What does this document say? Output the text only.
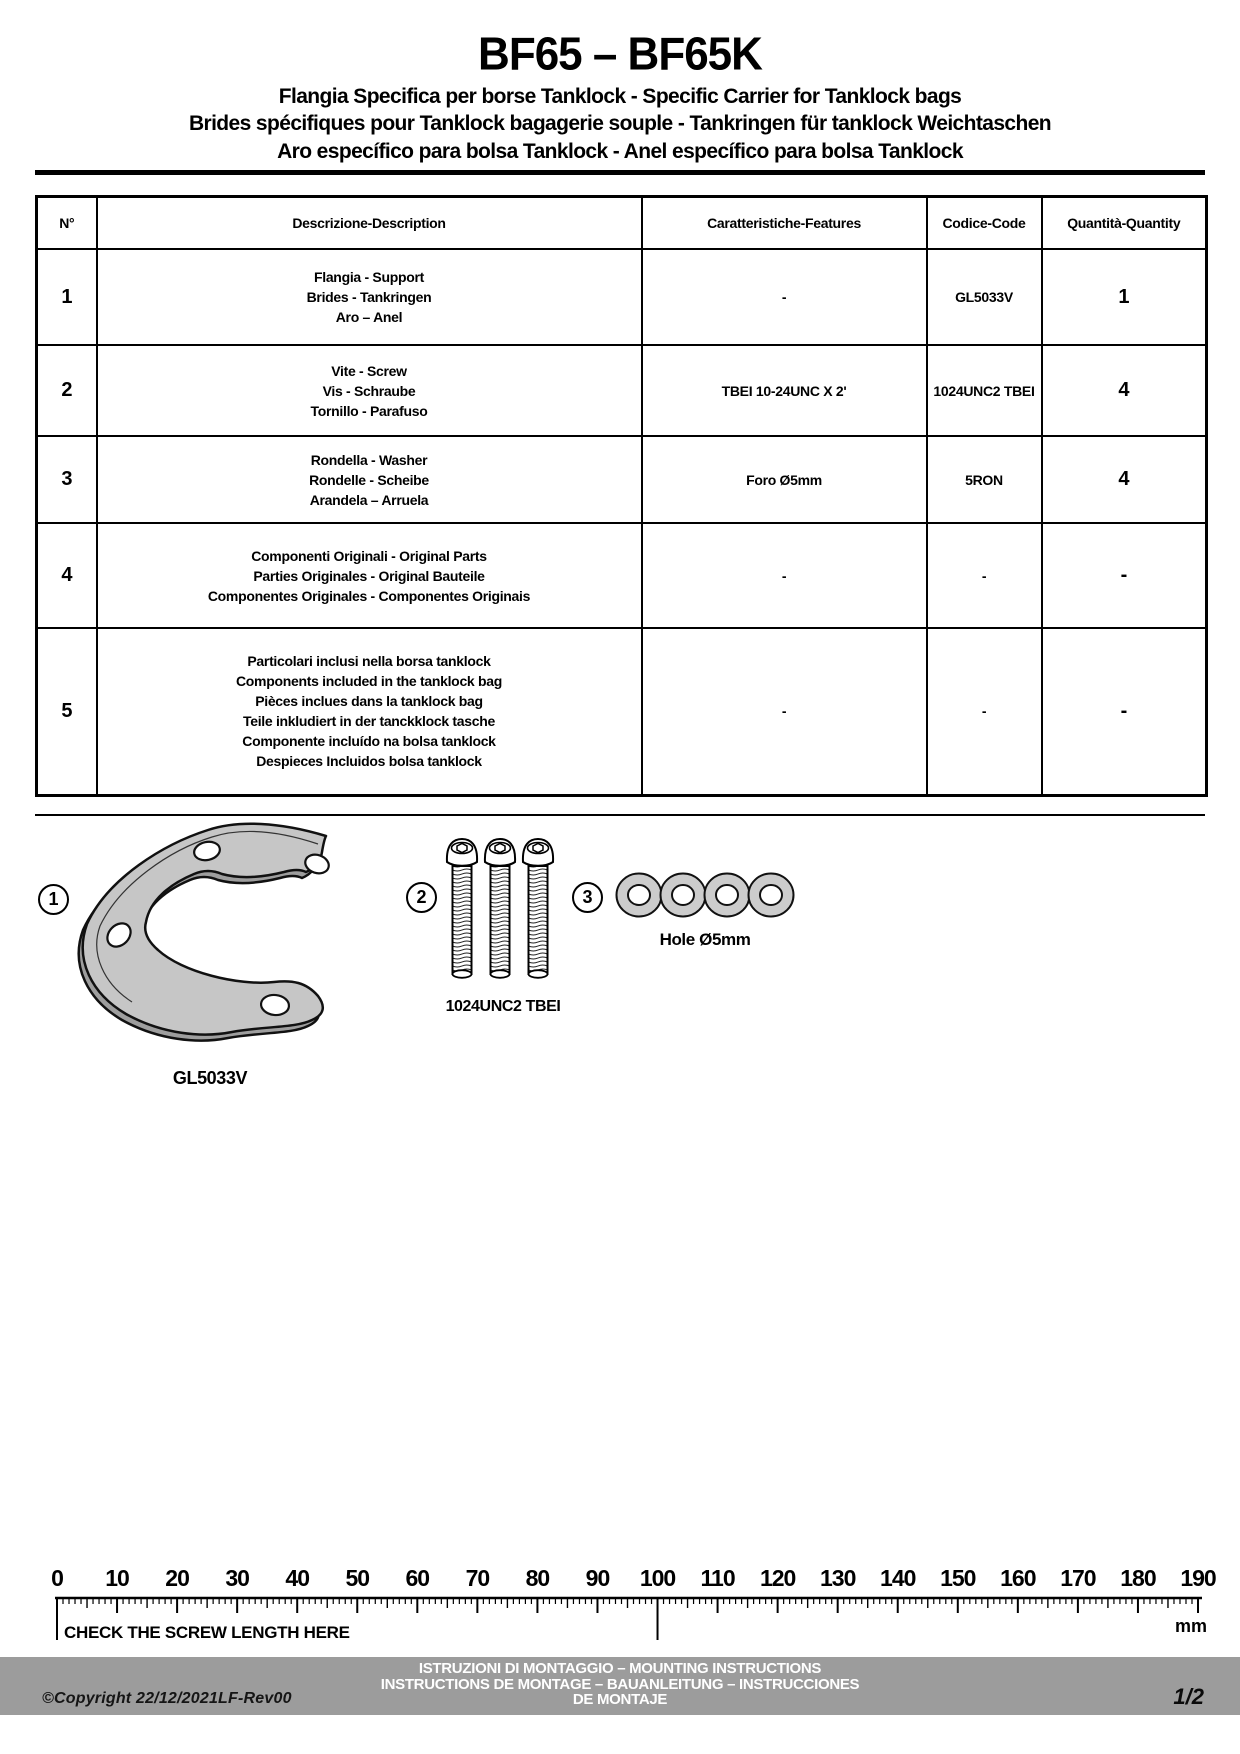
BF65 – BF65K
Flangia Specifica per borse Tanklock - Specific Carrier for Tanklock bags
Brides spécifiques pour Tanklock bagagerie souple - Tankringen für tanklock Weichtaschen
Aro específico para bolsa Tanklock - Anel específico para bolsa Tanklock
N°	Descrizione-Description	Caratteristiche-Features	Codice-Code	Quantità-Quantity
1	Flangia - Support
Brides - Tankringen
Aro – Anel	-	GL5033V	1
2	Vite - Screw
Vis - Schraube
Tornillo - Parafuso	TBEI 10-24UNC X 2'	1024UNC2 TBEI	4
3	Rondella - Washer
Rondelle - Scheibe
Arandela – Arruela	Foro Ø5mm	5RON	4
4	Componenti Originali - Original Parts
Parties Originales - Original Bauteile
Componentes Originales - Componentes Originais	-	-	-
5	
Particolari inclusi nella borsa tanklock
Components included in the tanklock bag
Pièces inclues dans la tanklock bag
Teile inkludiert in der tanckklock tasche
Componente incluído na bolsa tanklock
Despieces Incluidos bolsa tanklock
	-	-	-
1
GL5033V
2
1024UNC2 TBEI
3
Hole Ø5mm
0 10 20 30 40 50 60 70 80 90 100 110 120 130 140 150 160 170 180 190
mm
CHECK THE SCREW LENGTH HERE
ISTRUZIONI DI MONTAGGIO – MOUNTING INSTRUCTIONS
INSTRUCTIONS DE MONTAGE – BAUANLEITUNG – INSTRUCCIONES
DE MONTAJE
©Copyright 22/12/2021LF-Rev00	1/2
